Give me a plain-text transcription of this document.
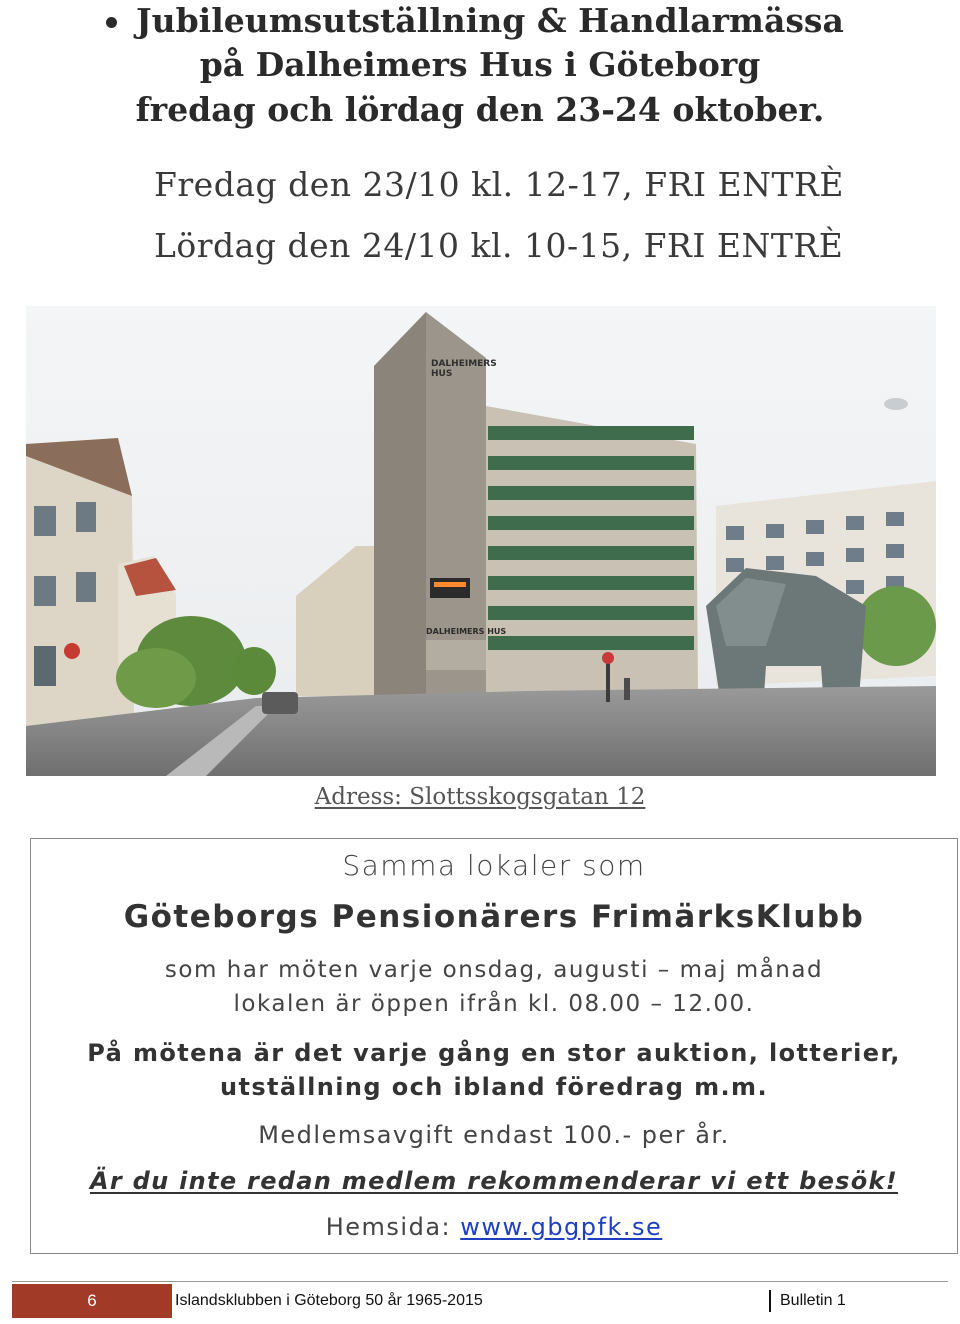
Jubileumsutställning & Handlarmässa
på Dalheimers Hus i Göteborg
fredag och lördag den 23-24 oktober.
Fredag den 23/10 kl. 12-17, FRI ENTRÈ
Lördag den 24/10 kl. 10-15, FRI ENTRÈ
DALHEIMERS
HUS
DALHEIMERS HUS
Adress: Slottsskogsgatan 12
Samma lokaler som
Göteborgs Pensionärers FrimärksKlubb
som har möten varje onsdag, augusti – maj månad
lokalen är öppen ifrån kl. 08.00 – 12.00.
På mötena är det varje gång en stor auktion, lotterier,
utställning och ibland föredrag m.m.
Medlemsavgift endast 100.- per år.
Är du inte redan medlem rekommenderar vi ett besök!
Hemsida: www.gbgpfk.se
6	Islandsklubben i Göteborg 50 år 1965-2015	Bulletin 1
